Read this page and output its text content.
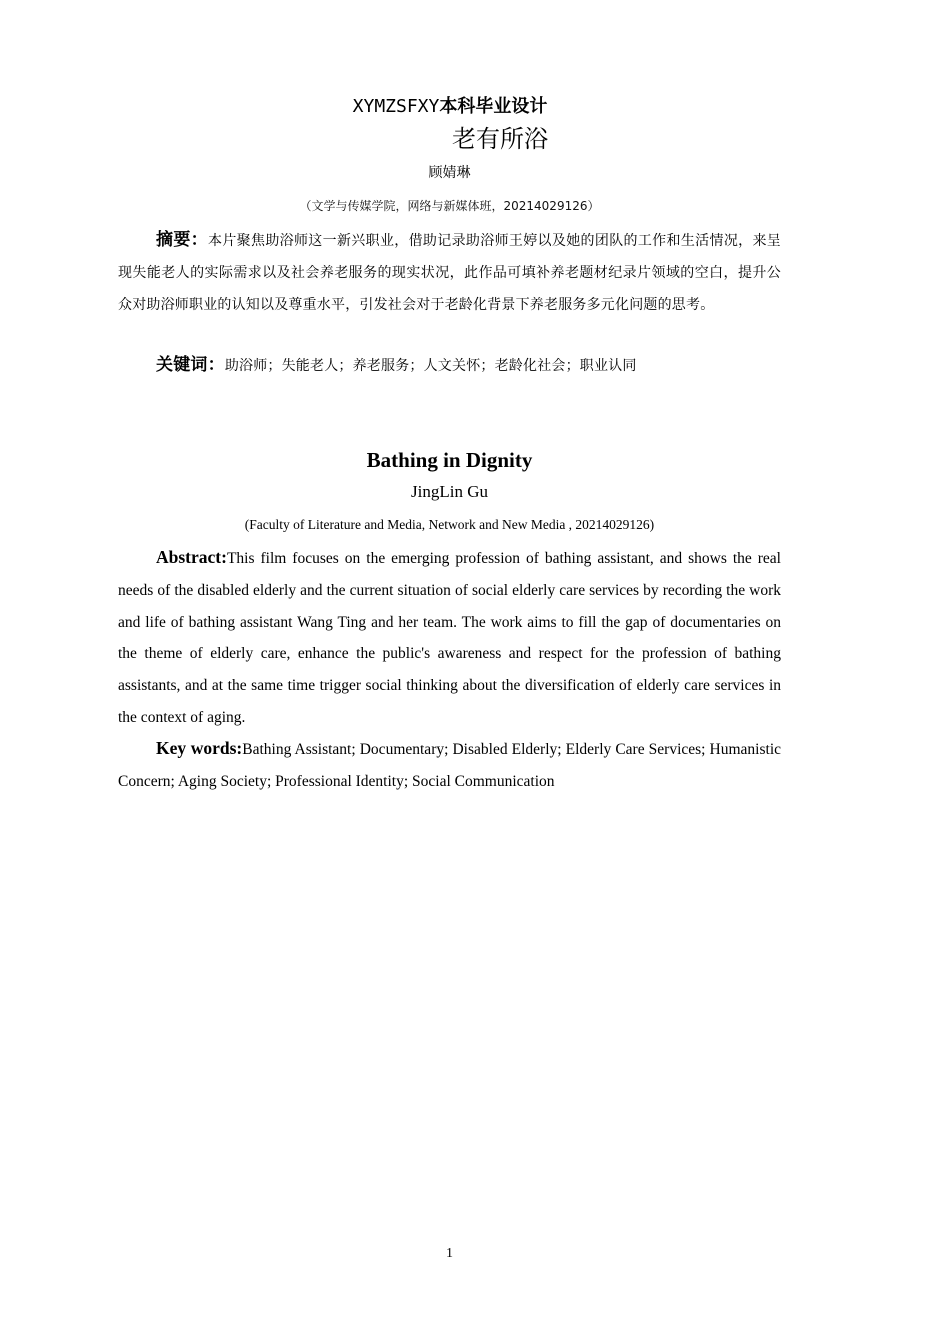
XYMZSFXY本科毕业设计
老有所浴
顾婧琳
（文学与传媒学院，网络与新媒体班，20214029126）
摘要：本片聚焦助浴师这一新兴职业，借助记录助浴师王婷以及她的团队的工作和生活情况，来呈现失能老人的实际需求以及社会养老服务的现实状况，此作品可填补养老题材纪录片领域的空白，提升公众对助浴师职业的认知以及尊重水平，引发社会对于老龄化背景下养老服务多元化问题的思考。
关键词：助浴师；失能老人；养老服务；人文关怀；老龄化社会；职业认同
Bathing in Dignity
JingLin Gu
(Faculty of Literature and Media, Network and New Media , 20214029126)
Abstract:This film focuses on the emerging profession of bathing assistant, and shows the real needs of the disabled elderly and the current situation of social elderly care services by recording the work and life of bathing assistant Wang Ting and her team. The work aims to fill the gap of documentaries on the theme of elderly care, enhance the public's awareness and respect for the profession of bathing assistants, and at the same time trigger social thinking about the diversification of elderly care services in the context of aging.
Key words:Bathing Assistant; Documentary; Disabled Elderly; Elderly Care Services; Humanistic Concern; Aging Society; Professional Identity; Social Communication
1
